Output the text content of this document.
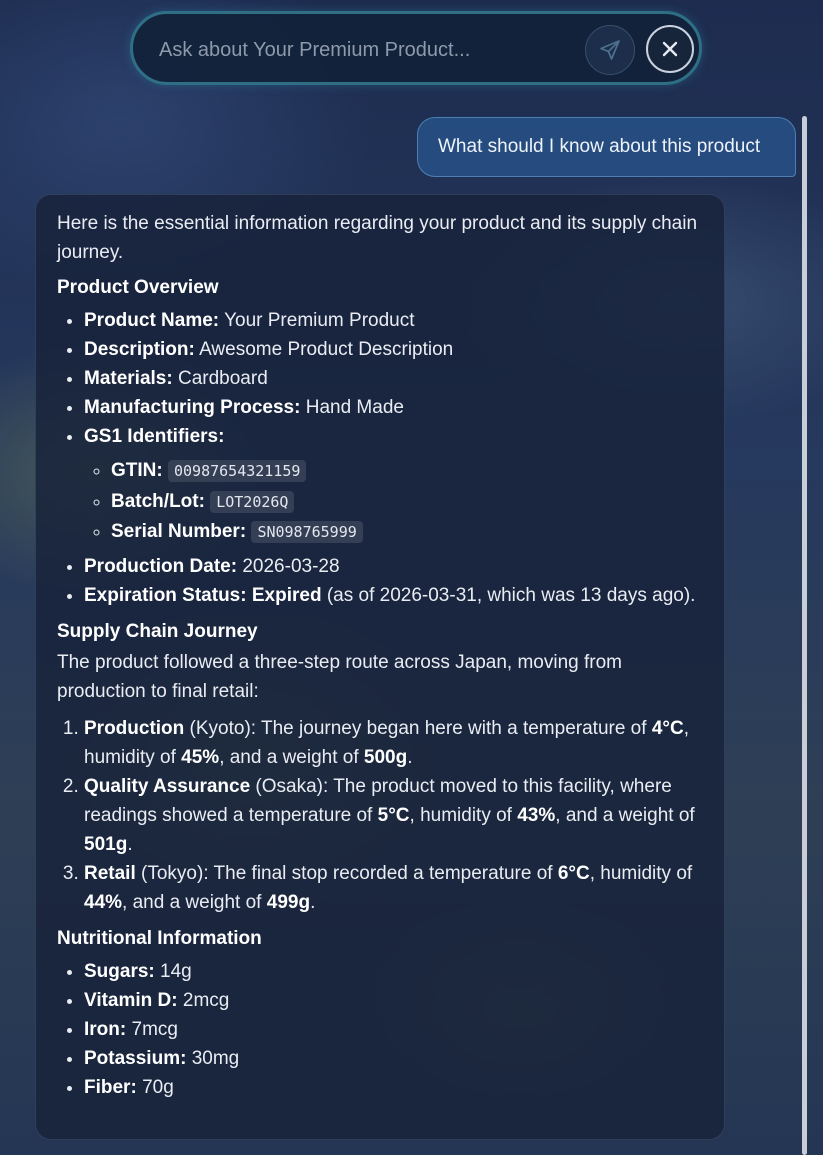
Ask about Your Premium Product...
What should I know about this product

Here is the essential information regarding your product and its supply chain journey.

Product Overview
• Product Name: Your Premium Product
• Description: Awesome Product Description
• Materials: Cardboard
• Manufacturing Process: Hand Made
• GS1 Identifiers:
◦ GTIN: 00987654321159
◦ Batch/Lot: LOT2026Q
◦ Serial Number: SN098765999
• Production Date: 2026-03-28
• Expiration Status: Expired (as of 2026-03-31, which was 13 days ago).
Supply Chain Journey

The product followed a three-step route across Japan, moving from production to final retail:

1. Production (Kyoto): The journey began here with a temperature of 4°C, humidity of 45%, and a weight of 500g.
2. Quality Assurance (Osaka): The product moved to this facility, where readings showed a temperature of 5°C, humidity of 43%, and a weight of 501g.
3. Retail (Tokyo): The final stop recorded a temperature of 6°C, humidity of 44%, and a weight of 499g.
Nutritional Information
• Sugars: 14g
• Vitamin D: 2mcg
• Iron: 7mcg
• Potassium: 30mg
• Fiber: 70g
